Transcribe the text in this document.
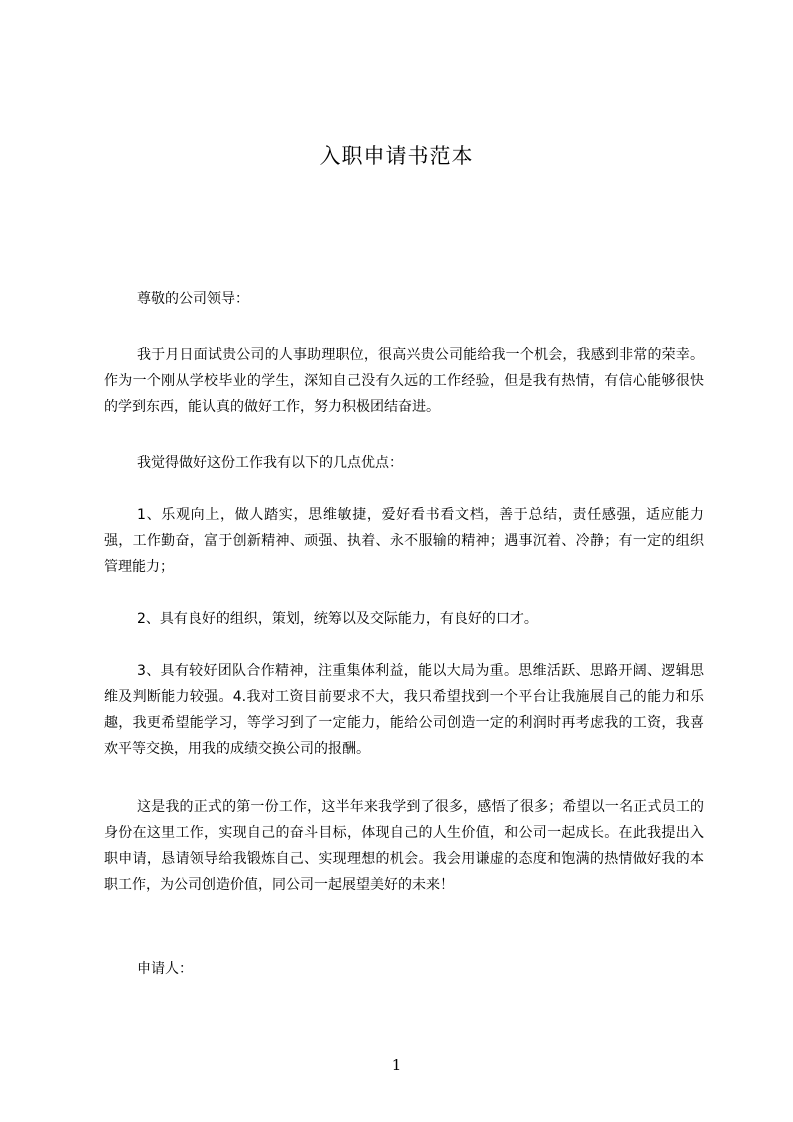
入职申请书范本

尊敬的公司领导：

我于月日面试贵公司的人事助理职位，很高兴贵公司能给我一个机会，我感到非常的荣幸。作为一个刚从学校毕业的学生，深知自己没有久远的工作经验，但是我有热情，有信心能够很快的学到东西，能认真的做好工作，努力积极团结奋进。

我觉得做好这份工作我有以下的几点优点：

1、乐观向上，做人踏实，思维敏捷，爱好看书看文档，善于总结，责任感强，适应能力强，工作勤奋，富于创新精神、顽强、执着、永不服输的精神；遇事沉着、冷静；有一定的组织管理能力；

2、具有良好的组织，策划，统筹以及交际能力，有良好的口才。

3、具有较好团队合作精神，注重集体利益，能以大局为重。思维活跃、思路开阔、逻辑思维及判断能力较强。4.我对工资目前要求不大，我只希望找到一个平台让我施展自己的能力和乐趣，我更希望能学习，等学习到了一定能力，能给公司创造一定的利润时再考虑我的工资，我喜欢平等交换，用我的成绩交换公司的报酬。

这是我的正式的第一份工作，这半年来我学到了很多，感悟了很多；希望以一名正式员工的身份在这里工作，实现自己的奋斗目标，体现自己的人生价值，和公司一起成长。在此我提出入职申请，恳请领导给我锻炼自己、实现理想的机会。我会用谦虚的态度和饱满的热情做好我的本职工作，为公司创造价值，同公司一起展望美好的未来！

申请人：

1
